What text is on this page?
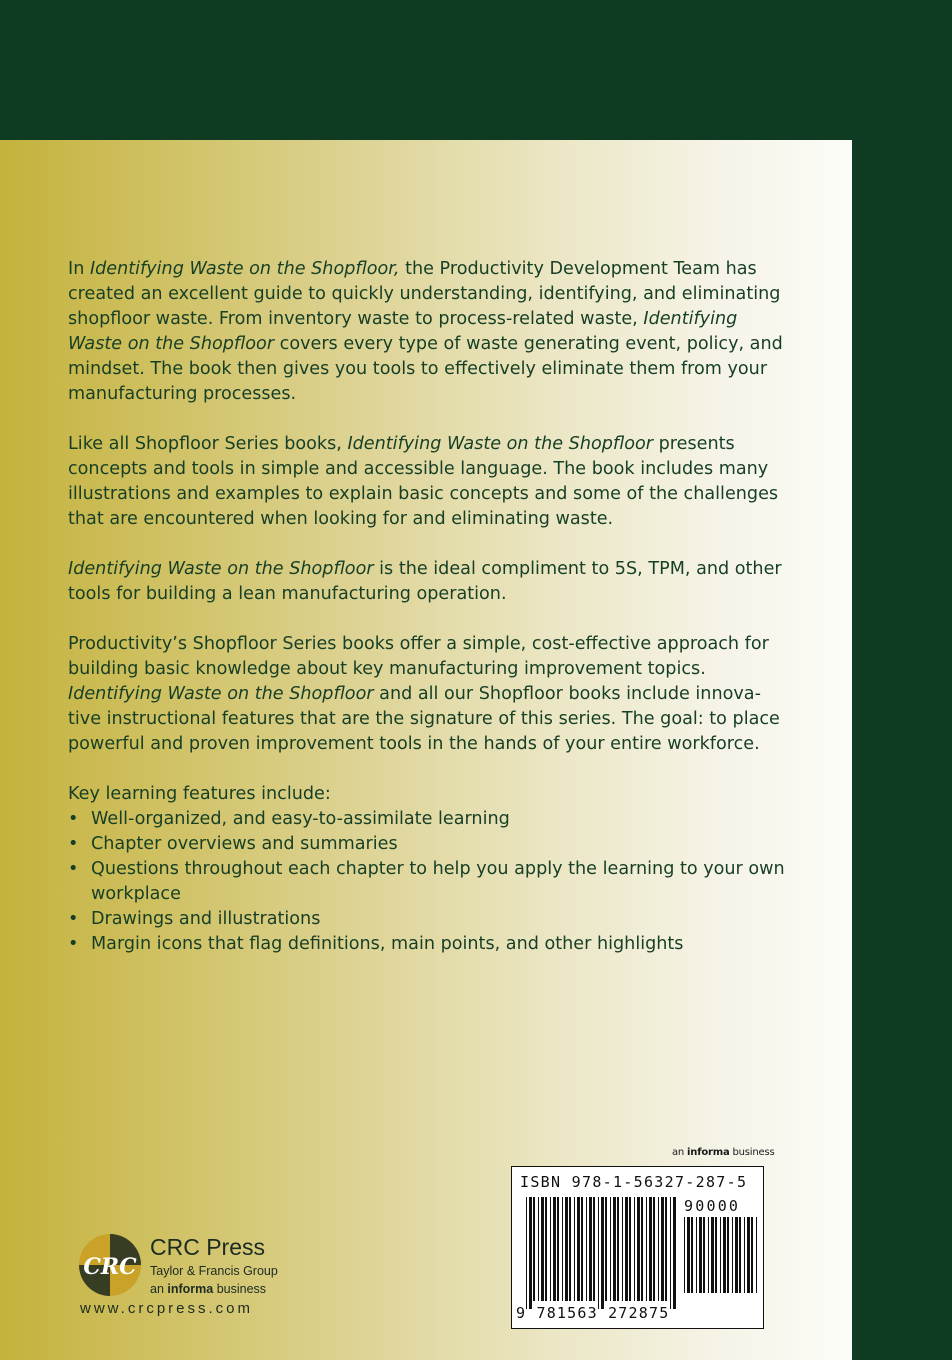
In Identifying Waste on the Shopfloor, the Productivity Development Team has created an excellent guide to quickly understanding, identifying, and eliminating shopfloor waste. From inventory waste to process-related waste, Identifying Waste on the Shopfloor covers every type of waste generating event, policy, and mindset. The book then gives you tools to effectively eliminate them from your manufacturing processes.

Like all Shopfloor Series books, Identifying Waste on the Shopfloor presents concepts and tools in simple and accessible language. The book includes many illustrations and examples to explain basic concepts and some of the challenges that are encountered when looking for and eliminating waste.

Identifying Waste on the Shopfloor is the ideal compliment to 5S, TPM, and other tools for building a lean manufacturing operation.

Productivity’s Shopfloor Series books offer a simple, cost-effective approach for building basic knowledge about key manufacturing improvement topics. Identifying Waste on the Shopfloor and all our Shopfloor books include innova-tive instructional features that are the signature of this series. The goal: to place powerful and proven improvement tools in the hands of your entire workforce.

Key learning features include:
• Well-organized, and easy-to-assimilate learning
• Chapter overviews and summaries
• Questions throughout each chapter to help you apply the learning to your own workplace
• Drawings and illustrations
• Margin icons that flag definitions, main points, and other highlights
an informa business
ISBN 978-1-56327-287-5
90000
9 781563 272875
CRC
CRC Press
Taylor & Francis Group
an informa business
www.crcpress.com
